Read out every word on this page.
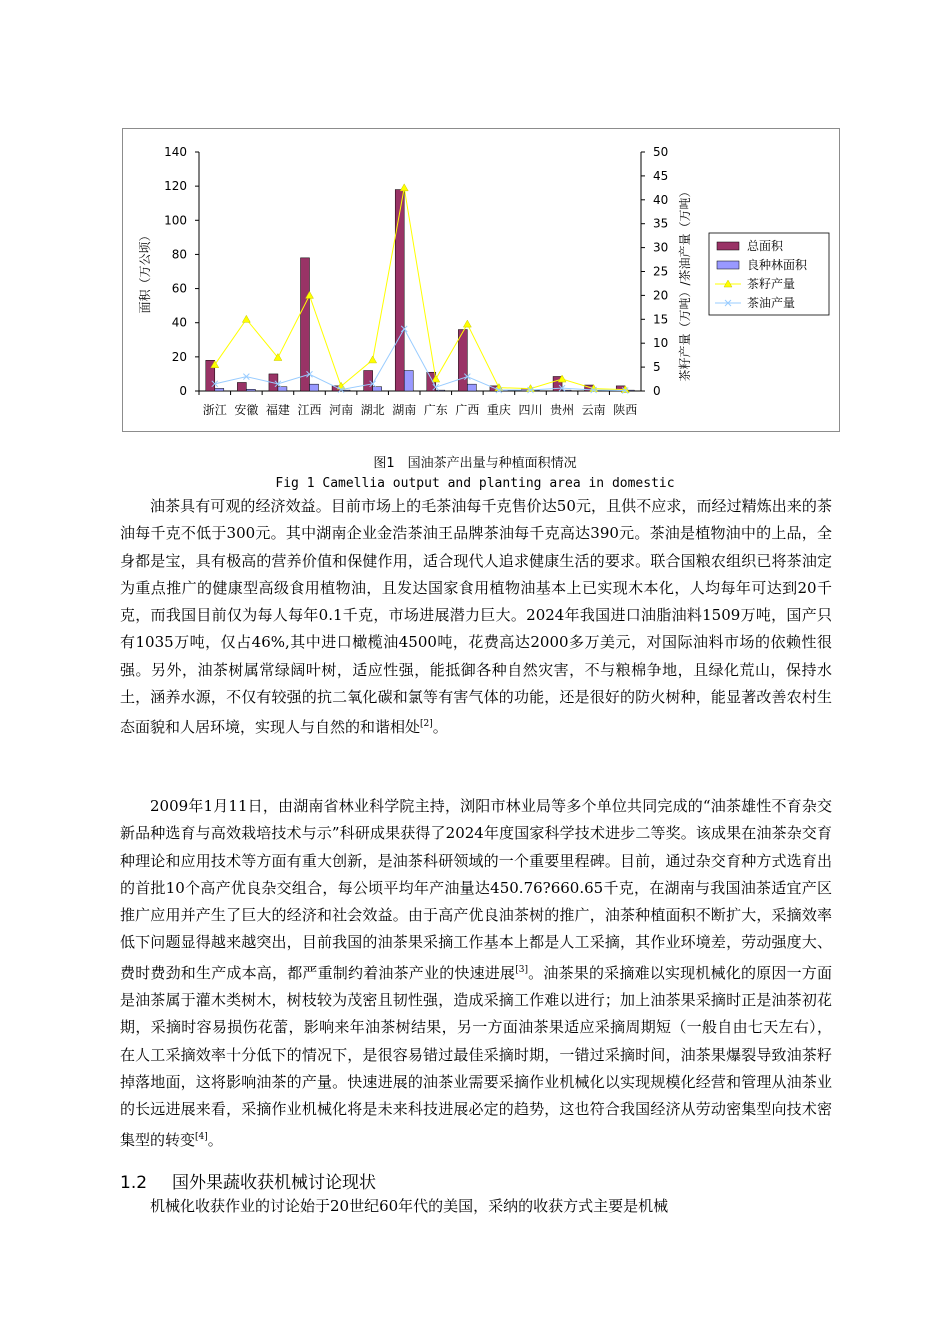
0
20
40
60
80
100
120
140
0
5
10
15
20
25
30
35
40
45
50
浙江 安徽 福建 江西 河南 湖北 湖南 广东 广西 重庆 四川 贵州 云南 陕西
面积（万公顷）	茶籽产量（万吨）/茶油产量（万吨）	总面积
良种林面积
茶籽产量
茶油产量
图1　国油茶产出量与种植面积情况
Fig 1 Camellia output and planting area in domestic

油茶具有可观的经济效益。目前市场上的毛茶油每千克售价达50元，且供不应求，而经过精炼出来的茶油每千克不低于300元。其中湖南企业金浩茶油王品牌茶油每千克高达390元。茶油是植物油中的上品，全身都是宝，具有极高的营养价值和保健作用，适合现代人追求健康生活的要求。联合国粮农组织已将茶油定为重点推广的健康型高级食用植物油，且发达国家食用植物油基本上已实现木本化，人均每年可达到20千克，而我国目前仅为每人每年0.1千克，市场进展潜力巨大。2024年我国进口油脂油料1509万吨，国产只有1035万吨，仅占46%,其中进口橄榄油4500吨，花费高达2000多万美元，对国际油料市场的依赖性很强。另外，油茶树属常绿阔叶树，适应性强，能抵御各种自然灾害，不与粮棉争地，且绿化荒山，保持水土，涵养水源，不仅有较强的抗二氧化碳和氯等有害气体的功能，还是很好的防火树种，能显著改善农村生态面貌和人居环境，实现人与自然的和谐相处[2]。

2009年1月11日，由湖南省林业科学院主持，浏阳市林业局等多个单位共同完成的“油茶雄性不育杂交新品种选育与高效栽培技术与示”科研成果获得了2024年度国家科学技术进步二等奖。该成果在油茶杂交育种理论和应用技术等方面有重大创新，是油茶科研领域的一个重要里程碑。目前，通过杂交育种方式选育出的首批10个高产优良杂交组合，每公顷平均年产油量达450.76?660.65千克，在湖南与我国油茶适宜产区推广应用并产生了巨大的经济和社会效益。由于高产优良油茶树的推广，油茶种植面积不断扩大，采摘效率低下问题显得越来越突出，目前我国的油茶果采摘工作基本上都是人工采摘，其作业环境差，劳动强度大、费时费劲和生产成本高，都严重制约着油茶产业的快速进展[3]。油茶果的采摘难以实现机械化的原因一方面是油茶属于灌木类树木，树枝较为茂密且韧性强，造成采摘工作难以进行；加上油茶果采摘时正是油茶初花期，采摘时容易损伤花蕾，影响来年油茶树结果，另一方面油茶果适应采摘周期短（一般自由七天左右），在人工采摘效率十分低下的情况下，是很容易错过最佳采摘时期，一错过采摘时间，油茶果爆裂导致油茶籽掉落地面，这将影响油茶的产量。快速进展的油茶业需要采摘作业机械化以实现规模化经营和管理从油茶业的长远进展来看，采摘作业机械化将是未来科技进展必定的趋势，这也符合我国经济从劳动密集型向技术密集型的转变[4]。

1.2 国外果蔬收获机械讨论现状

机械化收获作业的讨论始于20世纪60年代的美国，采纳的收获方式主要是机械
